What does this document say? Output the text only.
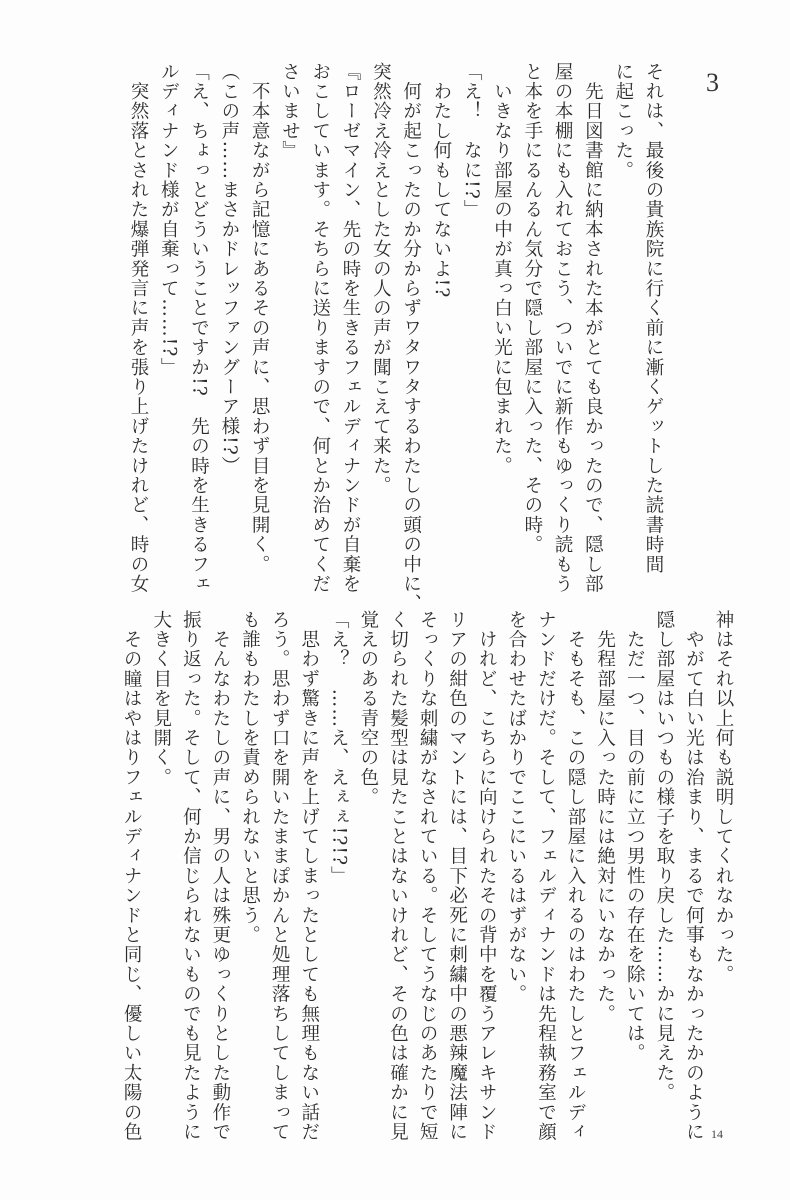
3
それは、最後の貴族院に行く前に漸くゲットした読書時間
に起こった。
　先日図書館に納本された本がとても良かったので、隠し部
屋の本棚にも入れておこう、ついでに新作もゆっくり読もう
と本を手にるんるん気分で隠し部屋に入った、その時。
　いきなり部屋の中が真っ白い光に包まれた。
「え！　なに!?」
　わたし何もしてないよ!?
　何が起こったのか分からずワタワタするわたしの頭の中に、
突然冷え冷えとした女の人の声が聞こえて来た。
『ローゼマイン、先の時を生きるフェルディナンドが自棄を
おこしています。そちらに送りますので、何とか治めてくだ
さいませ』
　不本意ながら記憶にあるその声に、思わず目を見開く。
（この声……まさかドレッファングーア様!?）
「え、ちょっとどういうことですか!?　先の時を生きるフェ
ルディナンド様が自棄って……!?」
　突然落とされた爆弾発言に声を張り上げたけれど、時の女
神はそれ以上何も説明してくれなかった。
　やがて白い光は治まり、まるで何事もなかったかのように
隠し部屋はいつもの様子を取り戻した……かに見えた。
　ただ一つ、目の前に立つ男性の存在を除いては。
　先程部屋に入った時には絶対にいなかった。
　そもそも、この隠し部屋に入れるのはわたしとフェルディ
ナンドだけだ。そして、フェルディナンドは先程執務室で顔
を合わせたばかりでここにいるはずがない。
　けれど、こちらに向けられたその背中を覆うアレキサンド
リアの紺色のマントには、目下必死に刺繍中の悪辣魔法陣に
そっくりな刺繍がなされている。そしてうなじのあたりで短
く切られた髪型は見たことはないけれど、その色は確かに見
覚えのある青空の色。
「え？　……え、えぇぇ!?!?」
　思わず驚きに声を上げてしまったとしても無理もない話だ
ろう。思わず口を開いたままぽかんと処理落ちしてしまって
も誰もわたしを責められないと思う。
　そんなわたしの声に、男の人は殊更ゆっくりとした動作で
振り返った。そして、何か信じられないものでも見たように
大きく目を見開く。
　その瞳はやはりフェルディナンドと同じ、優しい太陽の色	14
